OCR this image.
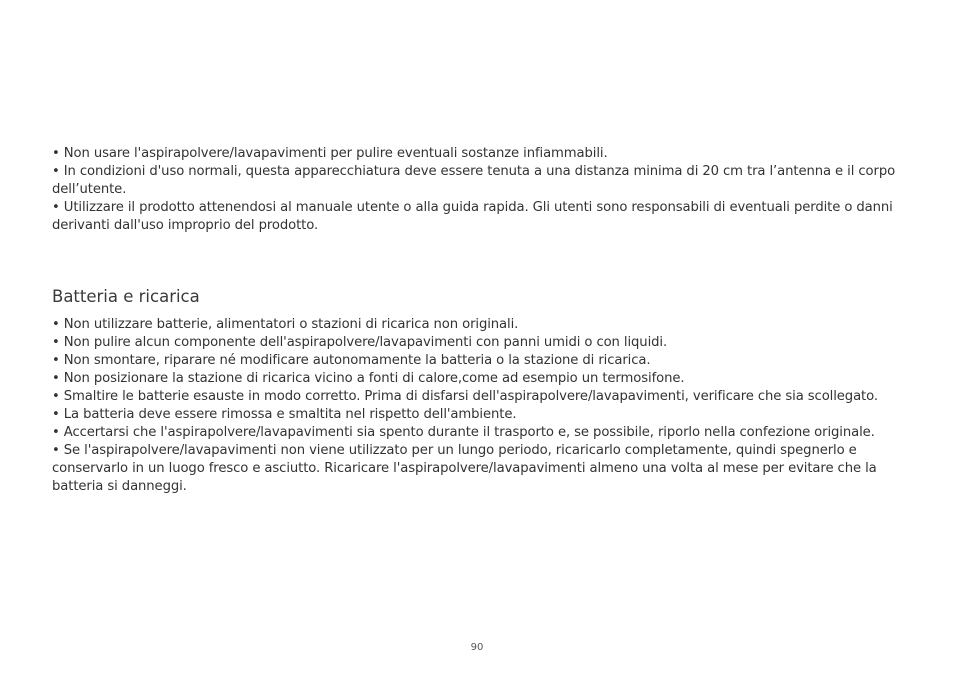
• Non usare l'aspirapolvere/lavapavimenti per pulire eventuali sostanze infiammabili.

• In condizioni d'uso normali, questa apparecchiatura deve essere tenuta a una distanza minima di 20 cm tra l’antenna e il corpo dell’utente.

• Utilizzare il prodotto attenendosi al manuale utente o alla guida rapida. Gli utenti sono responsabili di eventuali perdite o danni derivanti dall'uso improprio del prodotto.

Batteria e ricarica

• Non utilizzare batterie, alimentatori o stazioni di ricarica non originali.

• Non pulire alcun componente dell'aspirapolvere/lavapavimenti con panni umidi o con liquidi.

• Non smontare, riparare né modificare autonomamente la batteria o la stazione di ricarica.

• Non posizionare la stazione di ricarica vicino a fonti di calore,come ad esempio un termosifone.

• Smaltire le batterie esauste in modo corretto. Prima di disfarsi dell'aspirapolvere/lavapavimenti, verificare che sia scollegato.

• La batteria deve essere rimossa e smaltita nel rispetto dell'ambiente.

• Accertarsi che l'aspirapolvere/lavapavimenti sia spento durante il trasporto e, se possibile, riporlo nella confezione originale.

• Se l'aspirapolvere/lavapavimenti non viene utilizzato per un lungo periodo, ricaricarlo completamente, quindi spegnerlo e conservarlo in un luogo fresco e asciutto. Ricaricare l'aspirapolvere/lavapavimenti almeno una volta al mese per evitare che la batteria si danneggi.

90
